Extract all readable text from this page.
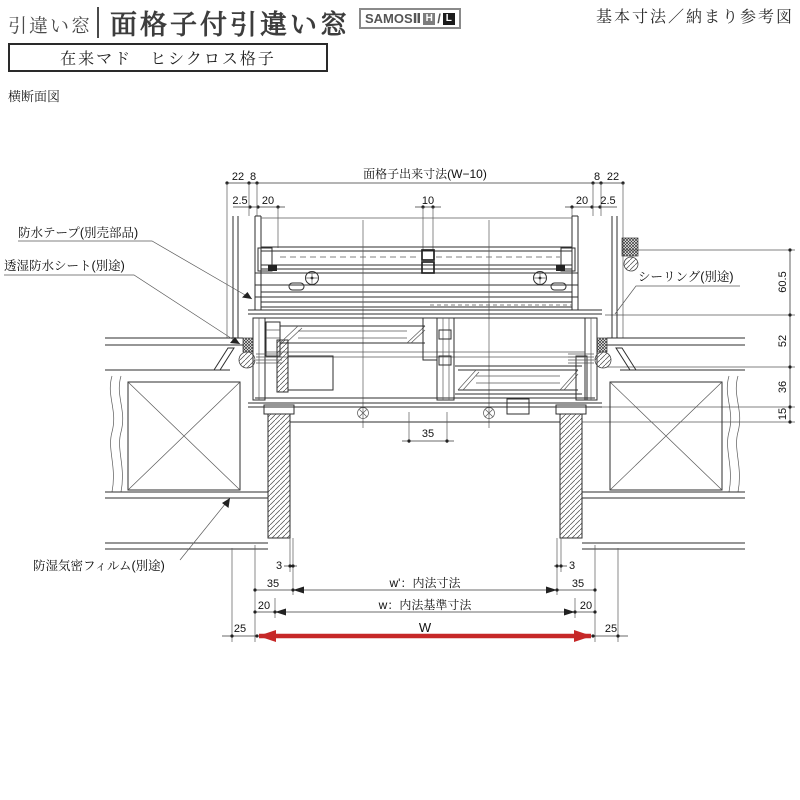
引違い窓 面格子付引違い窓 SAMOSⅡ H / L	基本寸法／納まり参考図
在来マド　ヒシクロス格子
横断面図
22 8	面格子出来寸法(W−10)	8 22
2.5 20	10	20 2.5
60.5
52
36
15
35
3	3
35	w'：内法寸法	35
20	w：内法基準寸法	20
25	25
W
防水テープ(別売部品)
透湿防水シート(別途)
シーリング(別途)
防湿気密フィルム(別途)
